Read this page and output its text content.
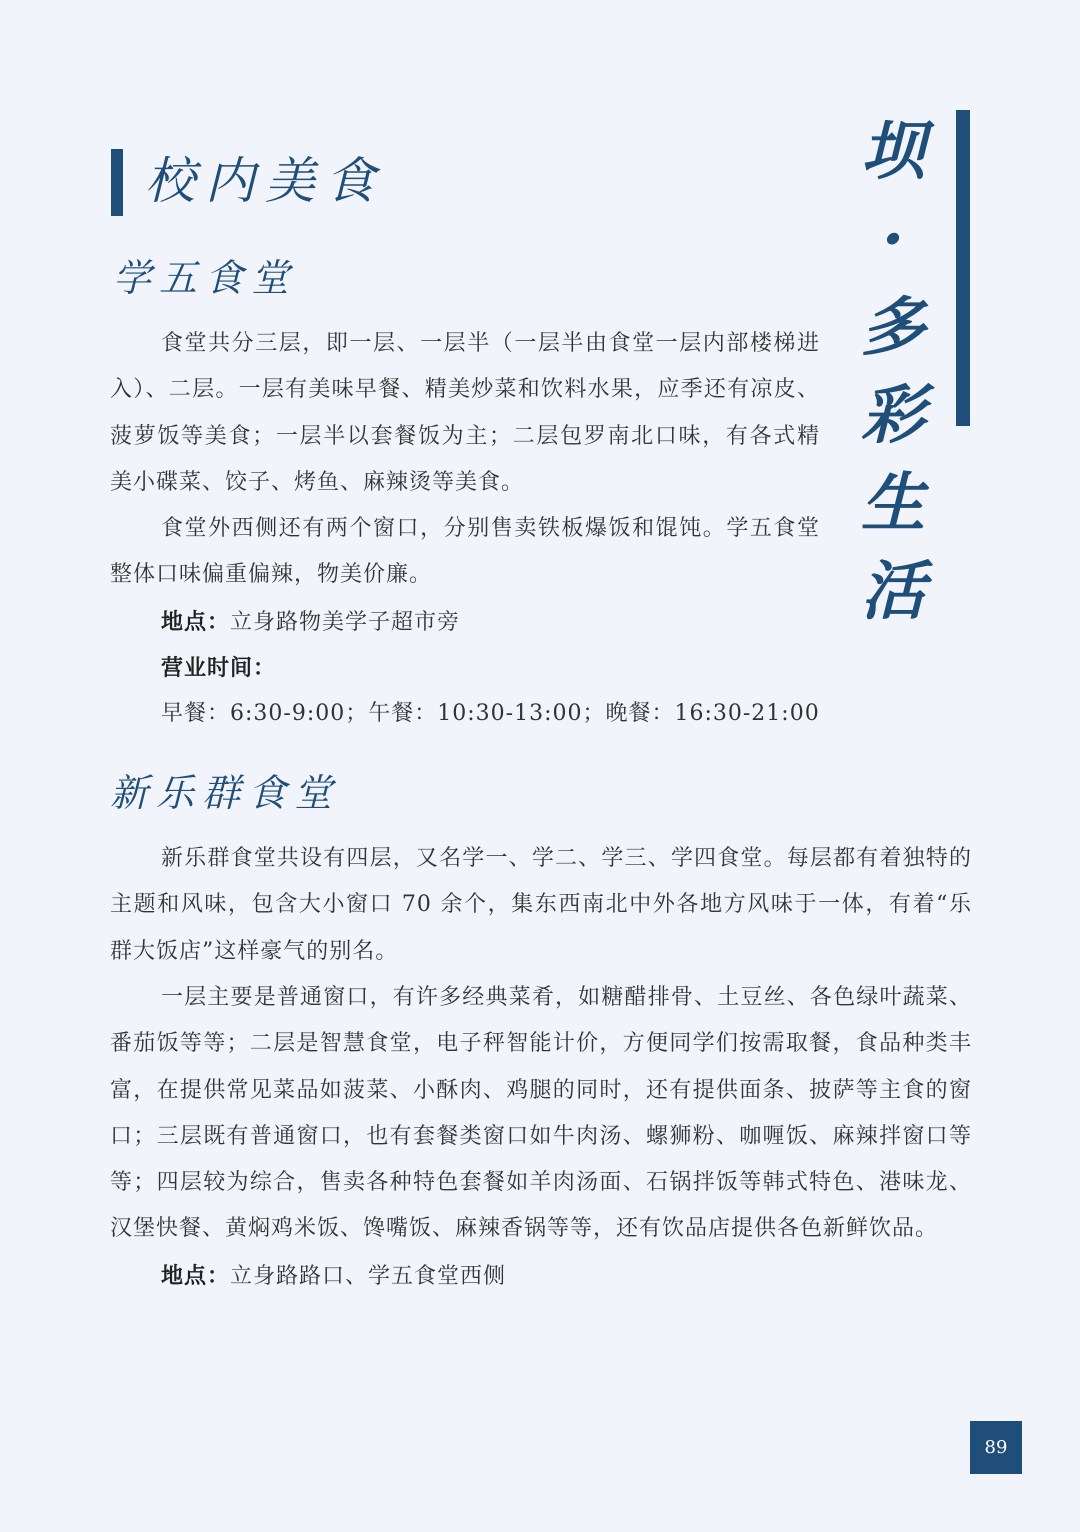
校内美食	坝
·
多
彩
生
活
学五食堂

食堂共分三层，即一层、一层半（一层半由食堂一层内部楼梯进入）、二层。一层有美味早餐、精美炒菜和饮料水果，应季还有凉皮、菠萝饭等美食；一层半以套餐饭为主；二层包罗南北口味，有各式精美小碟菜、饺子、烤鱼、麻辣烫等美食。

食堂外西侧还有两个窗口，分别售卖铁板爆饭和馄饨。学五食堂整体口味偏重偏辣，物美价廉。

地点：立身路物美学子超市旁

营业时间：

早餐：6:30-9:00；午餐：10:30-13:00；晚餐：16:30-21:00

新乐群食堂

新乐群食堂共设有四层，又名学一、学二、学三、学四食堂。每层都有着独特的主题和风味，包含大小窗口 70 余个，集东西南北中外各地方风味于一体，有着“乐群大饭店”这样豪气的别名。

一层主要是普通窗口，有许多经典菜肴，如糖醋排骨、土豆丝、各色绿叶蔬菜、番茄饭等等；二层是智慧食堂，电子秤智能计价，方便同学们按需取餐，食品种类丰富，在提供常见菜品如菠菜、小酥肉、鸡腿的同时，还有提供面条、披萨等主食的窗口；三层既有普通窗口，也有套餐类窗口如牛肉汤、螺狮粉、咖喱饭、麻辣拌窗口等等；四层较为综合，售卖各种特色套餐如羊肉汤面、石锅拌饭等韩式特色、港味龙、汉堡快餐、黄焖鸡米饭、馋嘴饭、麻辣香锅等等，还有饮品店提供各色新鲜饮品。

地点：立身路路口、学五食堂西侧

89
